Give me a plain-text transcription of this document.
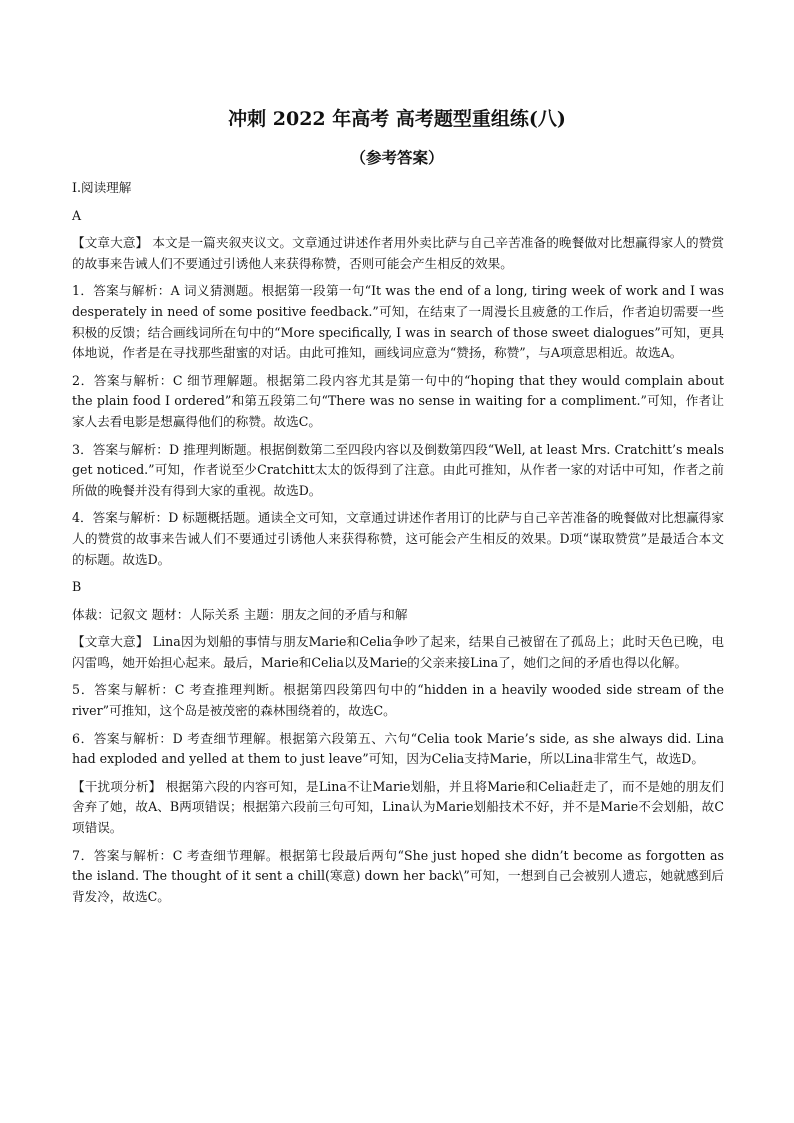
冲刺 2022 年高考 高考题型重组练(八)
（参考答案）

Ⅰ.阅读理解

A

【文章大意】 本文是一篇夹叙夹议文。文章通过讲述作者用外卖比萨与自己辛苦准备的晚餐做对比想赢得家人的赞赏的故事来告诫人们不要通过引诱他人来获得称赞，否则可能会产生相反的效果。

1．答案与解析：A 词义猜测题。根据第一段第一句“It was the end of a long, tiring week of work and I was desperately in need of some positive feedback.”可知，在结束了一周漫长且疲惫的工作后，作者迫切需要一些积极的反馈；结合画线词所在句中的“More specifically, I was in search of those sweet dialogues”可知，更具体地说，作者是在寻找那些甜蜜的对话。由此可推知，画线词应意为“赞扬，称赞”，与A项意思相近。故选A。

2．答案与解析：C 细节理解题。根据第二段内容尤其是第一句中的“hoping that they would complain about the plain food I ordered”和第五段第二句“There was no sense in waiting for a compliment.”可知，作者让家人去看电影是想赢得他们的称赞。故选C。

3．答案与解析：D 推理判断题。根据倒数第二至四段内容以及倒数第四段“Well, at least Mrs. Cratchitt’s meals get noticed.”可知，作者说至少Cratchitt太太的饭得到了注意。由此可推知，从作者一家的对话中可知，作者之前所做的晚餐并没有得到大家的重视。故选D。

4．答案与解析：D 标题概括题。通读全文可知，文章通过讲述作者用订的比萨与自己辛苦准备的晚餐做对比想赢得家人的赞赏的故事来告诫人们不要通过引诱他人来获得称赞，这可能会产生相反的效果。D项“谋取赞赏”是最适合本文的标题。故选D。

B

体裁：记叙文 题材：人际关系 主题：朋友之间的矛盾与和解

【文章大意】 Lina因为划船的事情与朋友Marie和Celia争吵了起来，结果自己被留在了孤岛上；此时天色已晚，电闪雷鸣，她开始担心起来。最后，Marie和Celia以及Marie的父亲来接Lina了，她们之间的矛盾也得以化解。

5．答案与解析：C 考查推理判断。根据第四段第四句中的“hidden in a heavily wooded side stream of the river”可推知，这个岛是被茂密的森林围绕着的，故选C。

6．答案与解析：D 考查细节理解。根据第六段第五、六句“Celia took Marie’s side, as she always did. Lina had exploded and yelled at them to just leave”可知，因为Celia支持Marie，所以Lina非常生气，故选D。

【干扰项分析】 根据第六段的内容可知，是Lina不让Marie划船，并且将Marie和Celia赶走了，而不是她的朋友们舍弃了她，故A、B两项错误；根据第六段前三句可知，Lina认为Marie划船技术不好，并不是Marie不会划船，故C项错误。

7．答案与解析：C 考查细节理解。根据第七段最后两句“She just hoped she didn’t become as forgotten as the island. The thought of it sent a chill(寒意) down her back\”可知，一想到自己会被别人遗忘，她就感到后背发冷，故选C。
